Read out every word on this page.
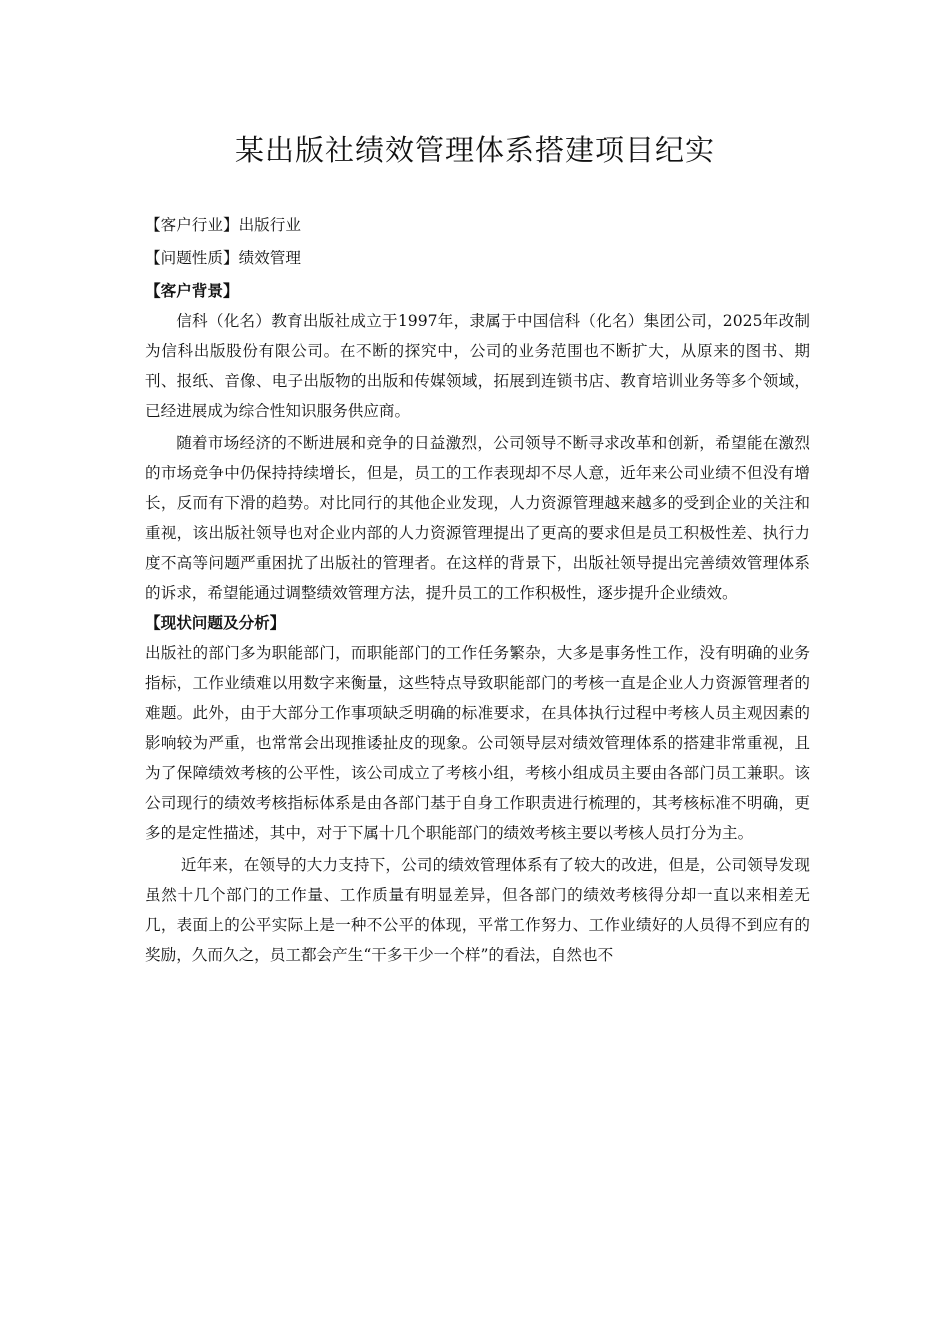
某出版社绩效管理体系搭建项目纪实
【客户行业】出版行业
【问题性质】绩效管理
【客户背景】

信科（化名）教育出版社成立于1997年，隶属于中国信科（化名）集团公司，2025年改制为信科出版股份有限公司。在不断的探究中，公司的业务范围也不断扩大，从原来的图书、期刊、报纸、音像、电子出版物的出版和传媒领域，拓展到连锁书店、教育培训业务等多个领域，已经进展成为综合性知识服务供应商。

随着市场经济的不断进展和竞争的日益激烈，公司领导不断寻求改革和创新，希望能在激烈的市场竞争中仍保持持续增长，但是，员工的工作表现却不尽人意，近年来公司业绩不但没有增长，反而有下滑的趋势。对比同行的其他企业发现，人力资源管理越来越多的受到企业的关注和重视，该出版社领导也对企业内部的人力资源管理提出了更高的要求但是员工积极性差、执行力度不高等问题严重困扰了出版社的管理者。在这样的背景下，出版社领导提出完善绩效管理体系的诉求，希望能通过调整绩效管理方法，提升员工的工作积极性，逐步提升企业绩效。

【现状问题及分析】

出版社的部门多为职能部门，而职能部门的工作任务繁杂，大多是事务性工作，没有明确的业务指标，工作业绩难以用数字来衡量，这些特点导致职能部门的考核一直是企业人力资源管理者的难题。此外，由于大部分工作事项缺乏明确的标准要求，在具体执行过程中考核人员主观因素的影响较为严重，也常常会出现推诿扯皮的现象。公司领导层对绩效管理体系的搭建非常重视，且为了保障绩效考核的公平性，该公司成立了考核小组，考核小组成员主要由各部门员工兼职。该公司现行的绩效考核指标体系是由各部门基于自身工作职责进行梳理的，其考核标准不明确，更多的是定性描述，其中，对于下属十几个职能部门的绩效考核主要以考核人员打分为主。

近年来，在领导的大力支持下，公司的绩效管理体系有了较大的改进，但是，公司领导发现虽然十几个部门的工作量、工作质量有明显差异，但各部门的绩效考核得分却一直以来相差无几，表面上的公平实际上是一种不公平的体现，平常工作努力、工作业绩好的人员得不到应有的奖励，久而久之，员工都会产生“干多干少一个样”的看法，自然也不
